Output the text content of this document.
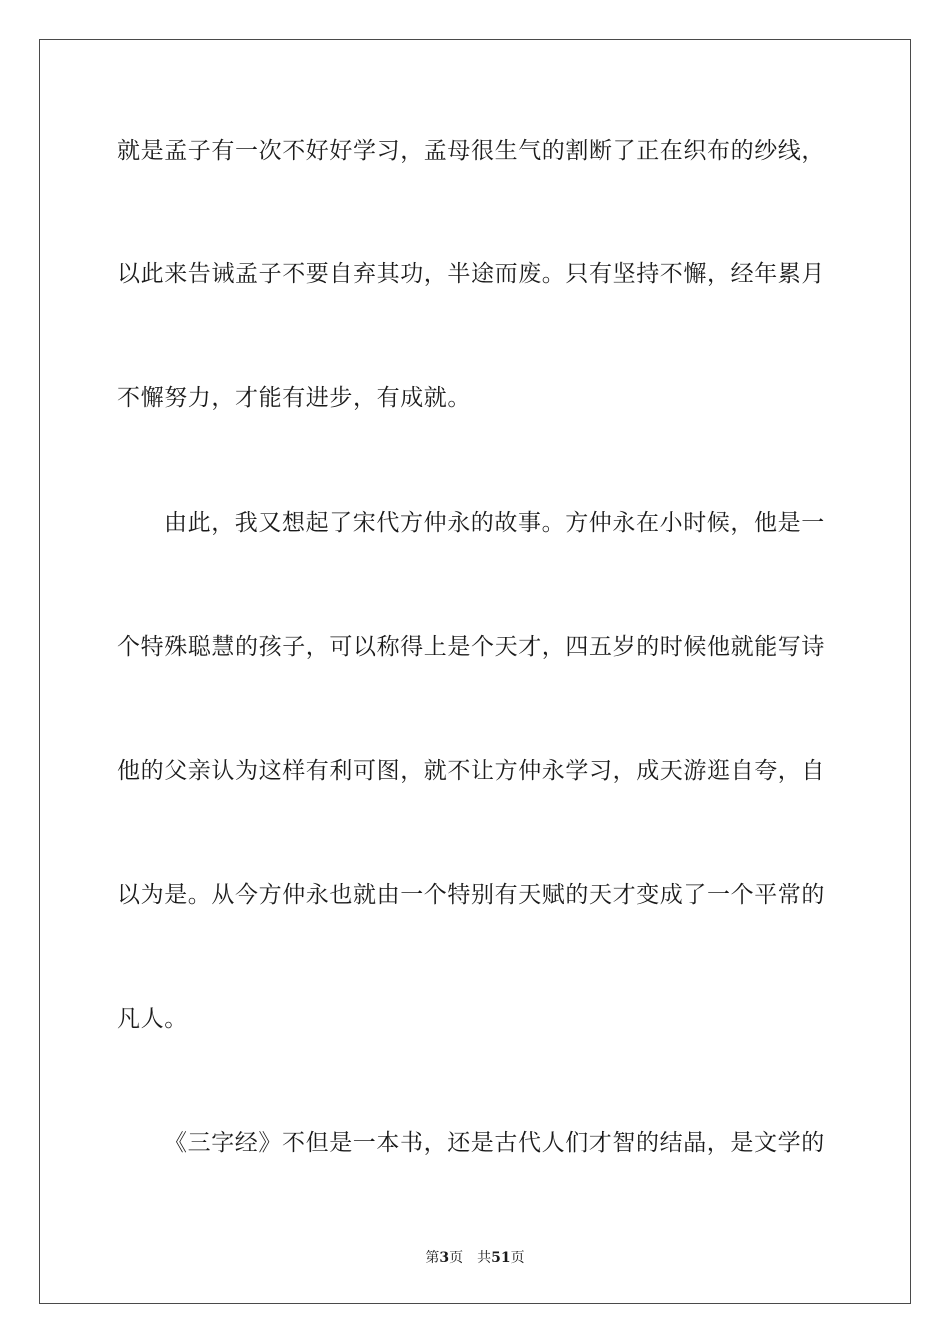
就是孟子有一次不好好学习，孟母很生气的割断了正在织布的纱线，
以此来告诫孟子不要自弃其功，半途而废。只有坚持不懈，经年累月
不懈努力，才能有进步，有成就。
由此，我又想起了宋代方仲永的故事。方仲永在小时候，他是一
个特殊聪慧的孩子，可以称得上是个天才，四五岁的时候他就能写诗
他的父亲认为这样有利可图，就不让方仲永学习，成天游逛自夸，自
以为是。从今方仲永也就由一个特别有天赋的天才变成了一个平常的
凡人。
《三字经》不但是一本书，还是古代人们才智的结晶，是文学的
第3页 共51页
